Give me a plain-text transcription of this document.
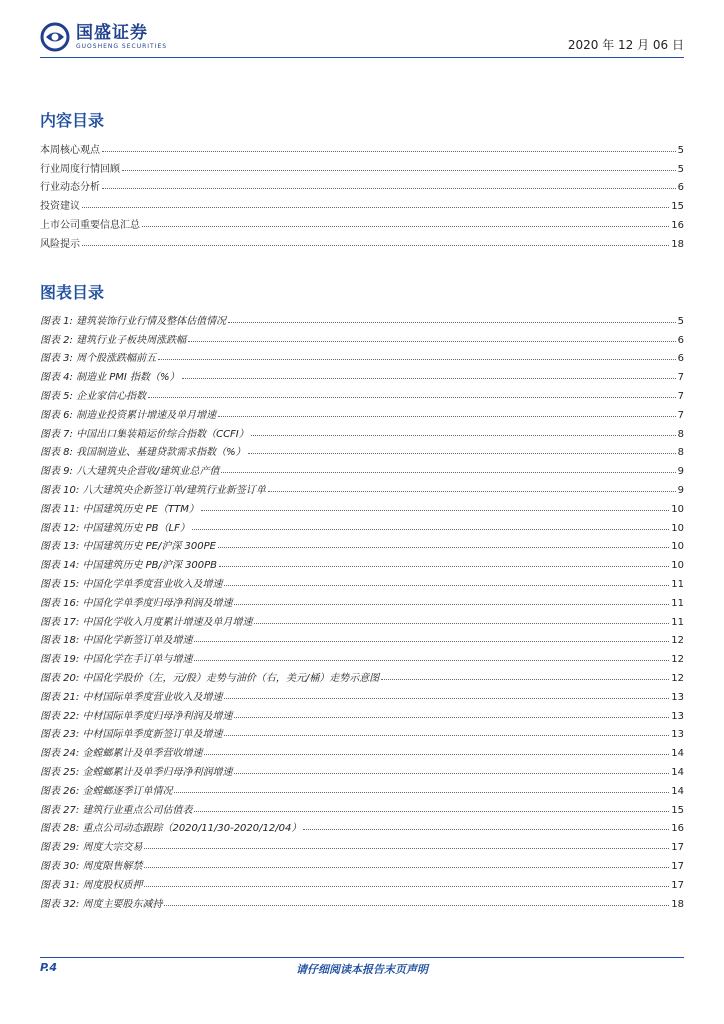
国盛证券
GUOSHENG SECURITIES	2020 年 12 月 06 日
内容目录
本周核心观点	5
行业周度行情回顾	5
行业动态分析	6
投资建议	15
上市公司重要信息汇总	16
风险提示	18
图表目录
图表 1: 建筑装饰行业行情及整体估值情况	5
图表 2: 建筑行业子板块周涨跌幅	6
图表 3: 周个股涨跌幅前五	6
图表 4: 制造业 PMI 指数（%）	7
图表 5: 企业家信心指数	7
图表 6: 制造业投资累计增速及单月增速	7
图表 7: 中国出口集装箱运价综合指数（CCFI）	8
图表 8: 我国制造业、基建贷款需求指数（%）	8
图表 9: 八大建筑央企营收/建筑业总产值	9
图表 10: 八大建筑央企新签订单/建筑行业新签订单	9
图表 11: 中国建筑历史 PE（TTM）	10
图表 12: 中国建筑历史 PB（LF）	10
图表 13: 中国建筑历史 PE/沪深 300PE	10
图表 14: 中国建筑历史 PB/沪深 300PB	10
图表 15: 中国化学单季度营业收入及增速	11
图表 16: 中国化学单季度归母净利润及增速	11
图表 17: 中国化学收入月度累计增速及单月增速	11
图表 18: 中国化学新签订单及增速	12
图表 19: 中国化学在手订单与增速	12
图表 20: 中国化学股价（左，元/股）走势与油价（右，美元/桶）走势示意图	12
图表 21: 中材国际单季度营业收入及增速	13
图表 22: 中材国际单季度归母净利润及增速	13
图表 23: 中材国际单季度新签订单及增速	13
图表 24: 金螳螂累计及单季营收增速	14
图表 25: 金螳螂累计及单季归母净利润增速	14
图表 26: 金螳螂逐季订单情况	14
图表 27: 建筑行业重点公司估值表	15
图表 28: 重点公司动态跟踪（2020/11/30-2020/12/04）	16
图表 29: 周度大宗交易	17
图表 30: 周度限售解禁	17
图表 31: 周度股权质押	17
图表 32: 周度主要股东减持	18
P.4	请仔细阅读本报告末页声明
